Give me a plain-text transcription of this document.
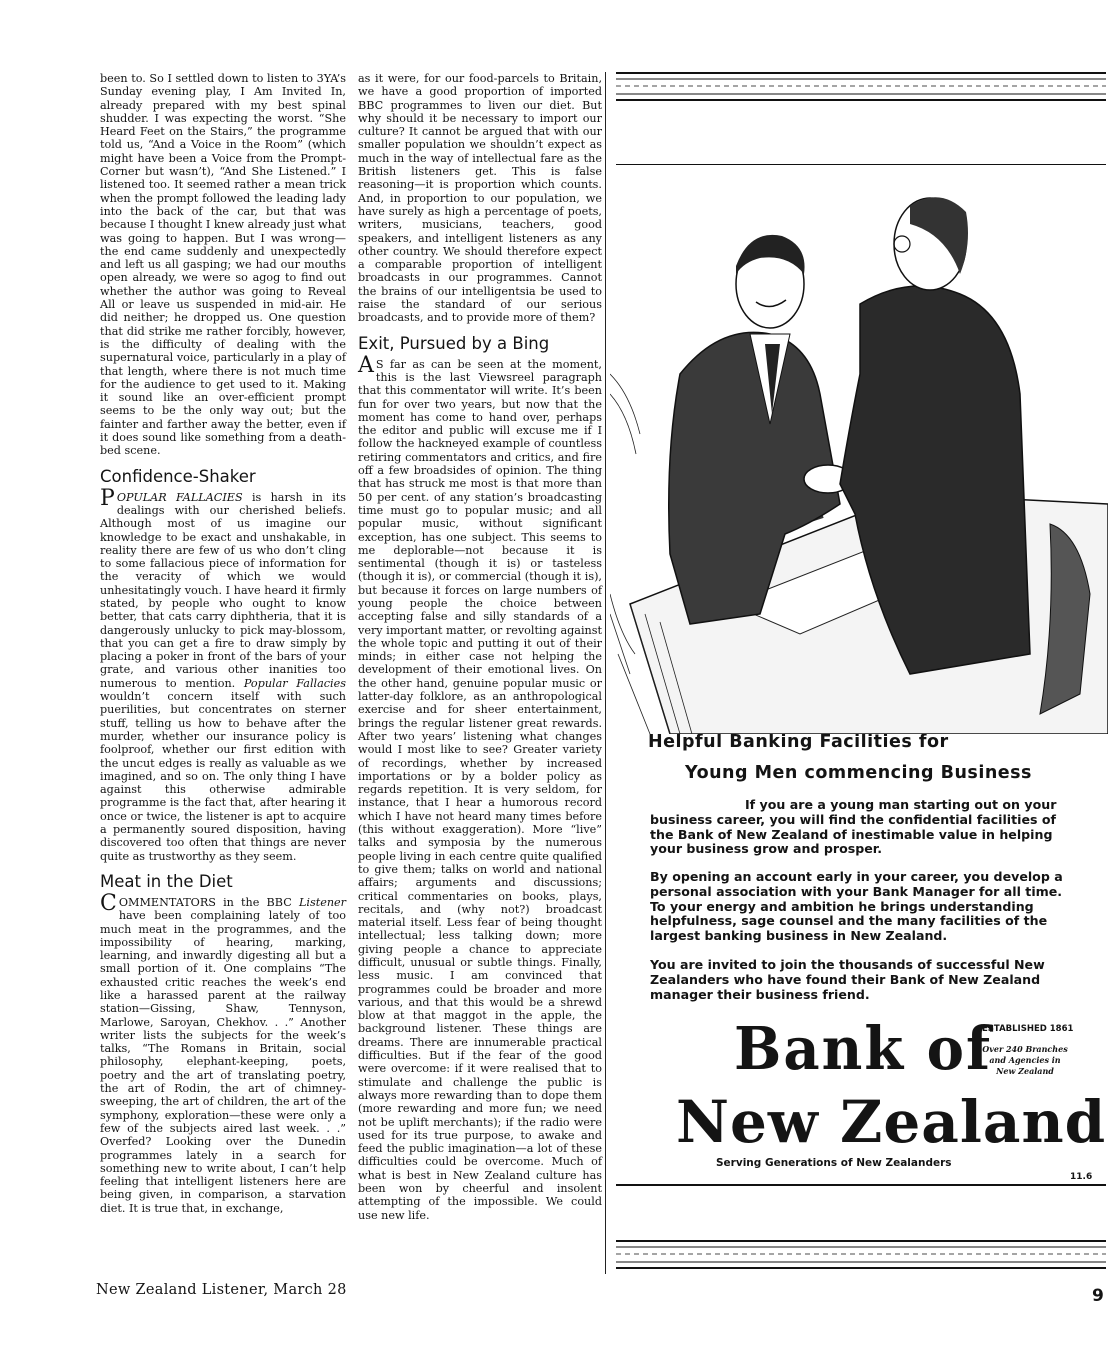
been to. So I settled down to listen to 3YA’s Sunday evening play, I Am Invited In, already prepared with my best spinal shudder. I was expecting the worst. “She Heard Feet on the Stairs,” the programme told us, “And a Voice in the Room” (which might have been a Voice from the Prompt-Corner but wasn’t), “And She Listened.” I listened too. It seemed rather a mean trick when the prompt followed the leading lady into the back of the car, but that was because I thought I knew already just what was going to happen. But I was wrong—the end came suddenly and unexpectedly and left us all gasping; we had our mouths open already, we were so agog to find out whether the author was going to Reveal All or leave us suspended in mid-air. He did neither; he dropped us. One question that did strike me rather forcibly, however, is the difficulty of dealing with the supernatural voice, particularly in a play of that length, where there is not much time for the audience to get used to it. Making it sound like an over-efficient prompt seems to be the only way out; but the fainter and farther away the better, even if it does sound like something from a death-bed scene.

Confidence-Shaker

POPULAR FALLACIES is harsh in its dealings with our cherished beliefs. Although most of us imagine our knowledge to be exact and unshakable, in reality there are few of us who don’t cling to some fallacious piece of information for the veracity of which we would unhesitatingly vouch. I have heard it firmly stated, by people who ought to know better, that cats carry diphtheria, that it is dangerously unlucky to pick may-blossom, that you can get a fire to draw simply by placing a poker in front of the bars of your grate, and various other inanities too numerous to mention. Popular Fallacies wouldn’t concern itself with such puerilities, but concentrates on sterner stuff, telling us how to behave after the murder, whether our insurance policy is foolproof, whether our first edition with the uncut edges is really as valuable as we imagined, and so on. The only thing I have against this otherwise admirable programme is the fact that, after hearing it once or twice, the listener is apt to acquire a permanently soured disposition, having discovered too often that things are never quite as trustworthy as they seem.

Meat in the Diet

COMMENTATORS in the BBC Listener have been complaining lately of too much meat in the programmes, and the impossibility of hearing, marking, learning, and inwardly digesting all but a small portion of it. One complains “The exhausted critic reaches the week’s end like a harassed parent at the railway station—Gissing, Shaw, Tennyson, Marlowe, Saroyan, Chekhov. . .” Another writer lists the subjects for the week’s talks, “The Romans in Britain, social philosophy, elephant-keeping, poets, poetry and the art of translating poetry, the art of Rodin, the art of chimney-sweeping, the art of children, the art of the symphony, exploration—these were only a few of the subjects aired last week. . .” Overfed? Looking over the Dunedin programmes lately in a search for something new to write about, I can’t help feeling that intelligent listeners here are being given, in comparison, a starvation diet. It is true that, in exchange,

as it were, for our food-parcels to Britain, we have a good proportion of imported BBC programmes to liven our diet. But why should it be necessary to import our culture? It cannot be argued that with our smaller population we shouldn’t expect as much in the way of intellectual fare as the British listeners get. This is false reasoning—it is proportion which counts. And, in proportion to our population, we have surely as high a percentage of poets, writers, musicians, teachers, good speakers, and intelligent listeners as any other country. We should therefore expect a comparable proportion of intelligent broadcasts in our programmes. Cannot the brains of our intelligentsia be used to raise the standard of our serious broadcasts, and to provide more of them?

Exit, Pursued by a Bing

A S far as can be seen at the moment, this is the last Viewsreel paragraph that this commentator will write. It’s been fun for over two years, but now that the moment has come to hand over, perhaps the editor and public will excuse me if I follow the hackneyed example of countless retiring commentators and critics, and fire off a few broadsides of opinion. The thing that has struck me most is that more than 50 per cent. of any station’s broadcasting time must go to popular music; and all popular music, without significant exception, has one subject. This seems to me deplorable—not because it is sentimental (though it is) or tasteless (though it is), or commercial (though it is), but because it forces on large numbers of young people the choice between accepting false and silly standards of a very important matter, or revolting against the whole topic and putting it out of their minds; in either case not helping the development of their emotional lives. On the other hand, genuine popular music or latter-day folklore, as an anthropological exercise and for sheer entertainment, brings the regular listener great rewards. After two years’ listening what changes would I most like to see? Greater variety of recordings, whether by increased importations or by a bolder policy as regards repetition. It is very seldom, for instance, that I hear a humorous record which I have not heard many times before (this without exaggeration). More “live” talks and symposia by the numerous people living in each centre quite qualified to give them; talks on world and national affairs; arguments and discussions; critical commentaries on books, plays, recitals, and (why not?) broadcast material itself. Less fear of being thought intellectual; less talking down; more giving people a chance to appreciate difficult, unusual or subtle things. Finally, less music. I am convinced that programmes could be broader and more various, and that this would be a shrewd blow at that maggot in the apple, the background listener. These things are dreams. There are innumerable practical difficulties. But if the fear of the good were overcome: if it were realised that to stimulate and challenge the public is always more rewarding than to dope them (more rewarding and more fun; we need not be uplift merchants); if the radio were used for its true purpose, to awake and feed the public imagination—a lot of these difficulties could be overcome. Much of what is best in New Zealand culture has been won by cheerful and insolent attempting of the impossible. We could use new life.

Helpful Banking Facilities for
Young Men commencing Business
If you are a young man starting out on your business career, you will find the confidential facilities of the Bank of New Zealand of inestimable value in helping your business grow and prosper.
By opening an account early in your career, you develop a personal association with your Bank Manager for all time. To your energy and ambition he brings understanding helpfulness, sage counsel and the many facilities of the largest banking business in New Zealand.
You are invited to join the thousands of successful New Zealanders who have found their Bank of New Zealand manager their business friend.
Bank of
New Zealand
ESTABLISHED 1861
Over 240 Branches and Agencies in New Zealand
Serving Generations of New Zealanders
11.6
New Zealand Listener, March 28	9
